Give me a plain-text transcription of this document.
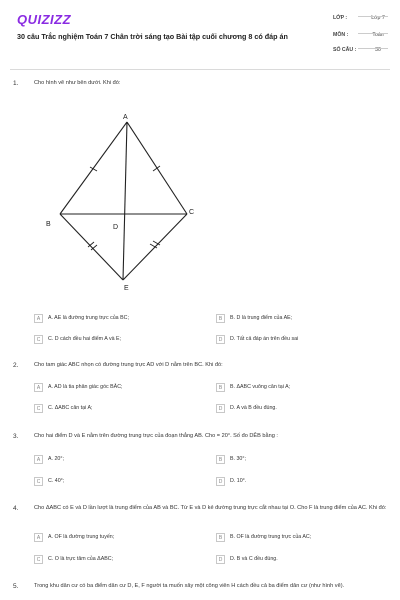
QUIZIZZ
30 câu Trắc nghiệm Toán 7 Chân trời sáng tạo Bài tập cuối chương 8 có đáp án
LỚP :	Lớp 7
MÔN :	Toán
SỐ CÂU :	30
1.	Cho hình vẽ như bên dưới. Khi đó:
A
B
C
D
E
A	A. AE là đường trung trực của BC;	B	B. D là trung điểm của AE;
C	C. D cách đều hai điểm A và E;	D	D. Tất cả đáp án trên đều sai
2.	Cho tam giác ABC nhọn có đường trung trực AD với D nằm trên BC. Khi đó:
A	A. AD là tia phân giác góc BÂC;	B	B. ΔABC vuông cân tại A;
C	C. ΔABC cân tại A;	D	D. A và B đều đúng.
3.	Cho hai điểm D và E nằm trên đường trung trực của đoạn thẳng AB. Cho = 20°. Số đo DÊB bằng :
A	A. 20°;	B	B. 30°;
C	C. 40°;	D	D. 10°.
4.	Cho ΔABC có E và D lần lượt là trung điểm của AB và BC. Từ E và D kẻ đường trung trực cắt nhau tại O. Cho F là trung điểm của AC. Khi đó:
A	A. OF là đường trung tuyến;	B	B. OF là đường trung trực của AC;
C	C. O là trực tâm của ΔABC;	D	D. B và C đều đúng.
5.	Trong khu dân cư có ba điểm dân cư D, E, F người ta muốn xây một công viên H cách đều cả ba điểm dân cư (như hình vẽ).
